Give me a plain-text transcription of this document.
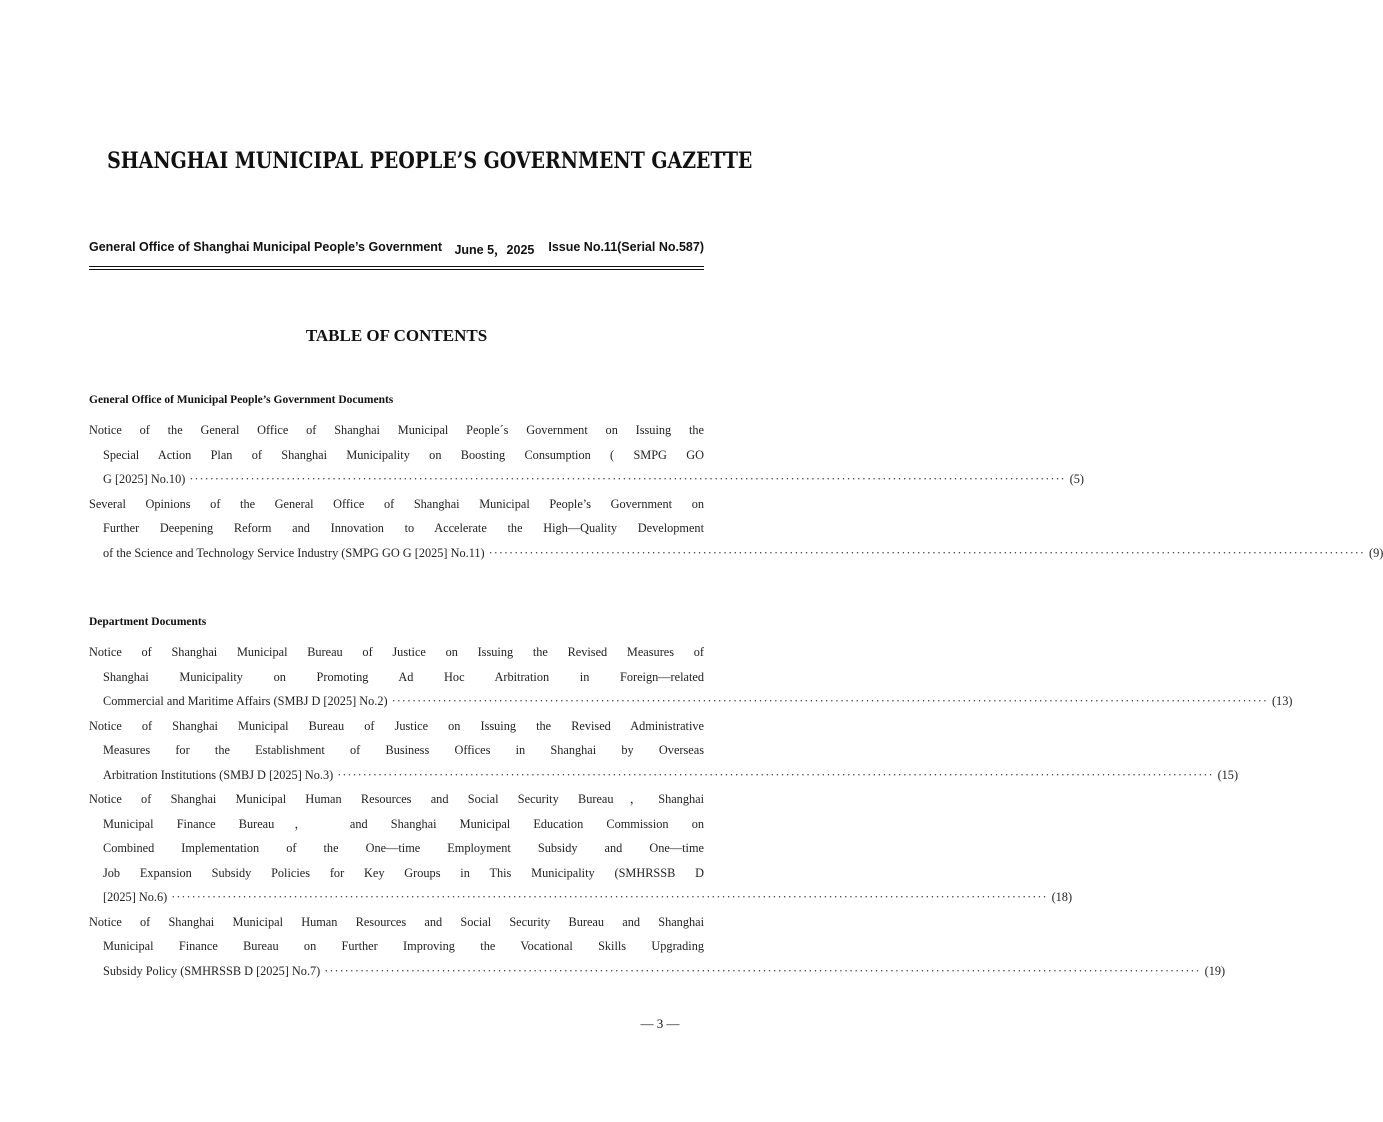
SHANGHAI MUNICIPAL PEOPLE’S GOVERNMENT GAZETTE
General Office of Shanghai Municipal People’s Government June 5，2025 Issue No.11(Serial No.587)
TABLE OF CONTENTS
General Office of Municipal People’s Government Documents
Notice of the General Office of Shanghai Municipal People´s Government on Issuing the
Special Action Plan of Shanghai Municipality on Boosting Consumption ( SMPG GO
G [2025] No.10) ············································································································································································ (5)
Several Opinions of the General Office of Shanghai Municipal People’s Government on
Further Deepening Reform and Innovation to Accelerate the High—Quality Development
of the Science and Technology Service Industry (SMPG GO G [2025] No.11) ············································································································································································ (9)
Department Documents
Notice of Shanghai Municipal Bureau of Justice on Issuing the Revised Measures of
Shanghai Municipality on Promoting Ad Hoc Arbitration in Foreign—related
Commercial and Maritime Affairs (SMBJ D [2025] No.2) ············································································································································································ (13)
Notice of Shanghai Municipal Bureau of Justice on Issuing the Revised Administrative
Measures for the Establishment of Business Offices in Shanghai by Overseas
Arbitration Institutions (SMBJ D [2025] No.3) ············································································································································································ (15)
Notice of Shanghai Municipal Human Resources and Social Security Bureau，Shanghai
Municipal Finance Bureau， and Shanghai Municipal Education Commission on
Combined Implementation of the One—time Employment Subsidy and One—time
Job Expansion Subsidy Policies for Key Groups in This Municipality (SMHRSSB D
[2025] No.6) ············································································································································································ (18)
Notice of Shanghai Municipal Human Resources and Social Security Bureau and Shanghai
Municipal Finance Bureau on Further Improving the Vocational Skills Upgrading
Subsidy Policy (SMHRSSB D [2025] No.7) ············································································································································································ (19)
— 3 —
